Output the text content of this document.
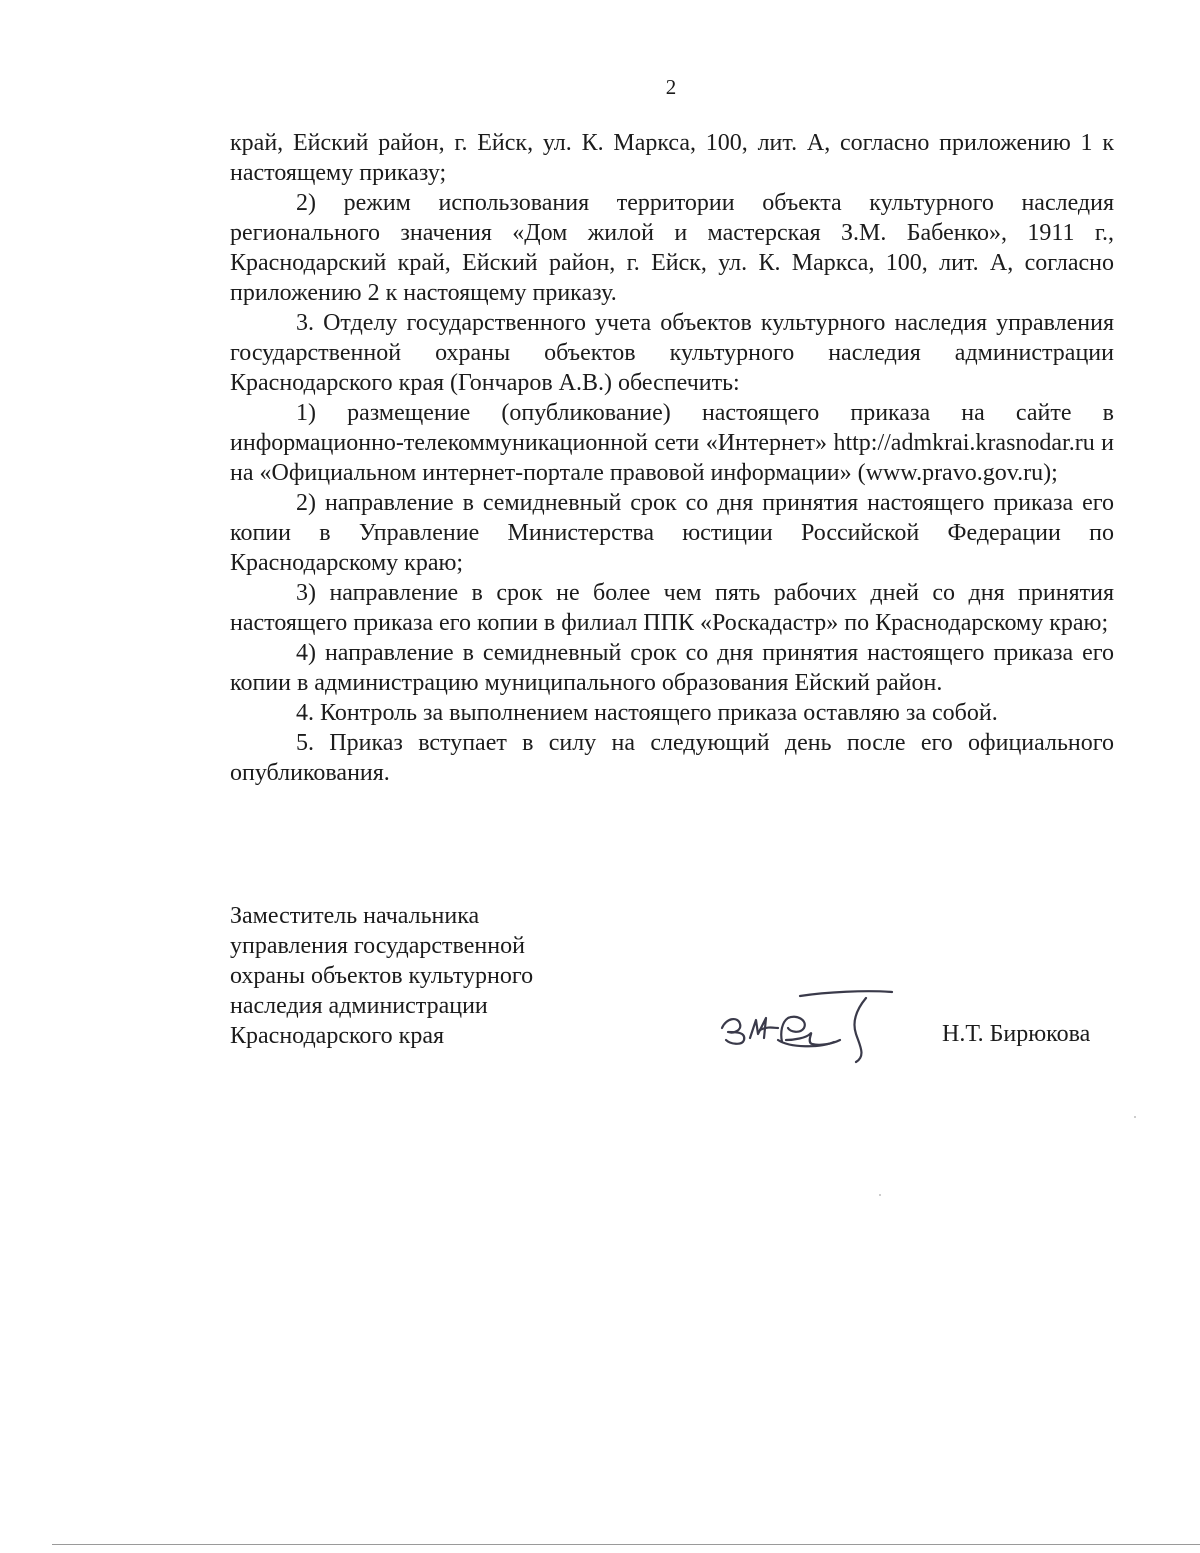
2

край, Ейский район, г. Ейск, ул. К. Маркса, 100, лит. А, согласно приложению 1 к настоящему приказу;

2) режим использования территории объекта культурного наследия регионального значения «Дом жилой и мастерская З.М. Бабенко», 1911 г., Краснодарский край, Ейский район, г. Ейск, ул. К. Маркса, 100, лит. А, согласно приложению 2 к настоящему приказу.

3. Отделу государственного учета объектов культурного наследия управления государственной охраны объектов культурного наследия администрации Краснодарского края (Гончаров А.В.) обеспечить:

1) размещение (опубликование) настоящего приказа на сайте в информационно-телекоммуникационной сети «Интернет» http://admkrai.krasnodar.ru и на «Официальном интернет-портале правовой информации» (www.pravo.gov.ru);

2) направление в семидневный срок со дня принятия настоящего приказа его копии в Управление Министерства юстиции Российской Федерации по Краснодарскому краю;

3) направление в срок не более чем пять рабочих дней со дня принятия настоящего приказа его копии в филиал ППК «Роскадастр» по Краснодарскому краю;

4) направление в семидневный срок со дня принятия настоящего приказа его копии в администрацию муниципального образования Ейский район.

4. Контроль за выполнением настоящего приказа оставляю за собой.

5. Приказ вступает в силу на следующий день после его официального опубликования.

Заместитель начальника
управления государственной
охраны объектов культурного
наследия администрации
Краснодарского края	Н.Т. Бирюкова
